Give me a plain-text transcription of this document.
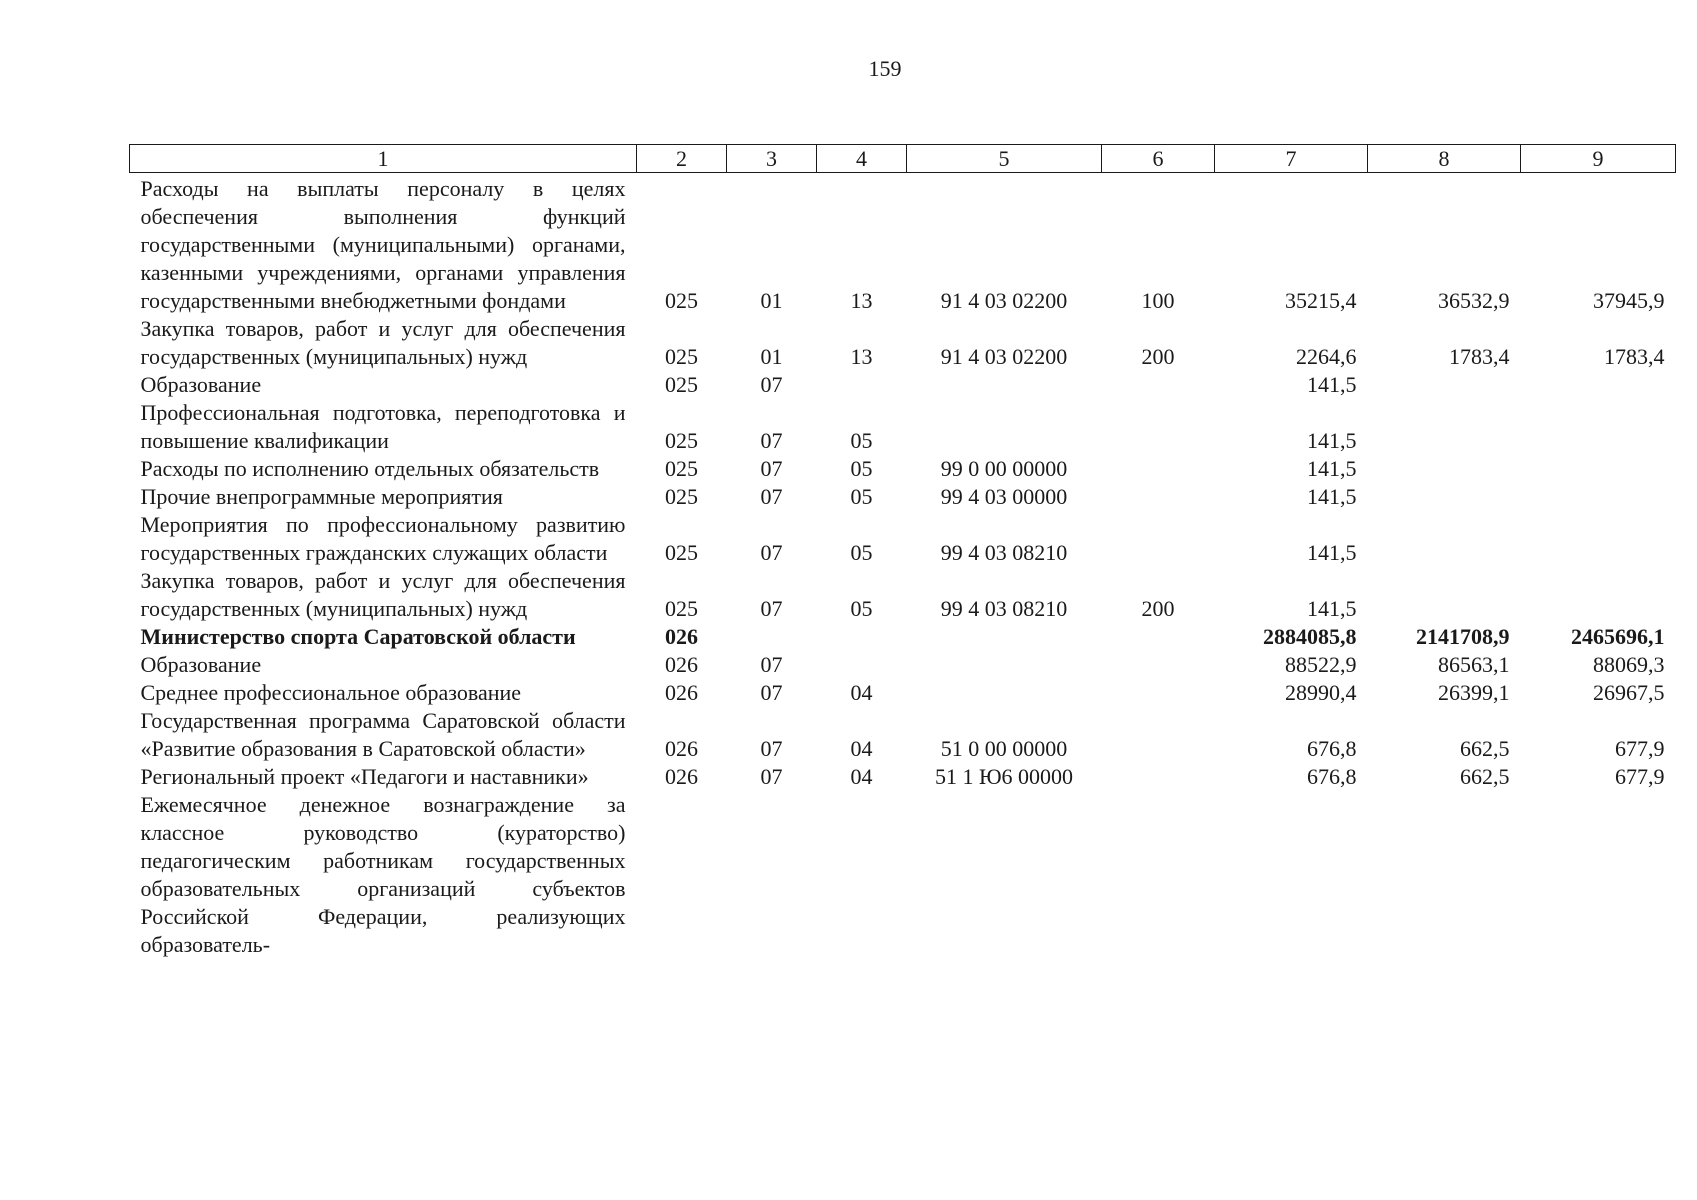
159
1	2	3	4	5	6	7	8	9
Расходы на выплаты персоналу в целях обеспечения выполнения функций государственными (муниципальными) органами, казенными учреждениями, органами управления государственными внебюджетными фондами	025	01	13	91 4 03 02200	100	35215,4	36532,9	37945,9
Закупка товаров, работ и услуг для обеспечения государственных (муниципальных) нужд	025	01	13	91 4 03 02200	200	2264,6	1783,4	1783,4
Образование	025	07				141,5		
Профессиональная подготовка, переподготовка и повышение квалификации	025	07	05			141,5		
Расходы по исполнению отдельных обязательств	025	07	05	99 0 00 00000		141,5		
Прочие внепрограммные мероприятия	025	07	05	99 4 03 00000		141,5		
Мероприятия по профессиональному развитию государственных гражданских служащих области	025	07	05	99 4 03 08210		141,5		
Закупка товаров, работ и услуг для обеспечения государственных (муниципальных) нужд	025	07	05	99 4 03 08210	200	141,5		
Министерство спорта Саратовской области	026					2884085,8	2141708,9	2465696,1
Образование	026	07				88522,9	86563,1	88069,3
Среднее профессиональное образование	026	07	04			28990,4	26399,1	26967,5
Государственная программа Саратовской области «Развитие образования в Саратовской области»	026	07	04	51 0 00 00000		676,8	662,5	677,9
Региональный проект «Педагоги и наставники»	026	07	04	51 1 Ю6 00000		676,8	662,5	677,9
Ежемесячное денежное вознаграждение за классное руководство (кураторство) педагогическим работникам государственных образовательных организаций субъектов Российской Федерации, реализующих образователь-								
